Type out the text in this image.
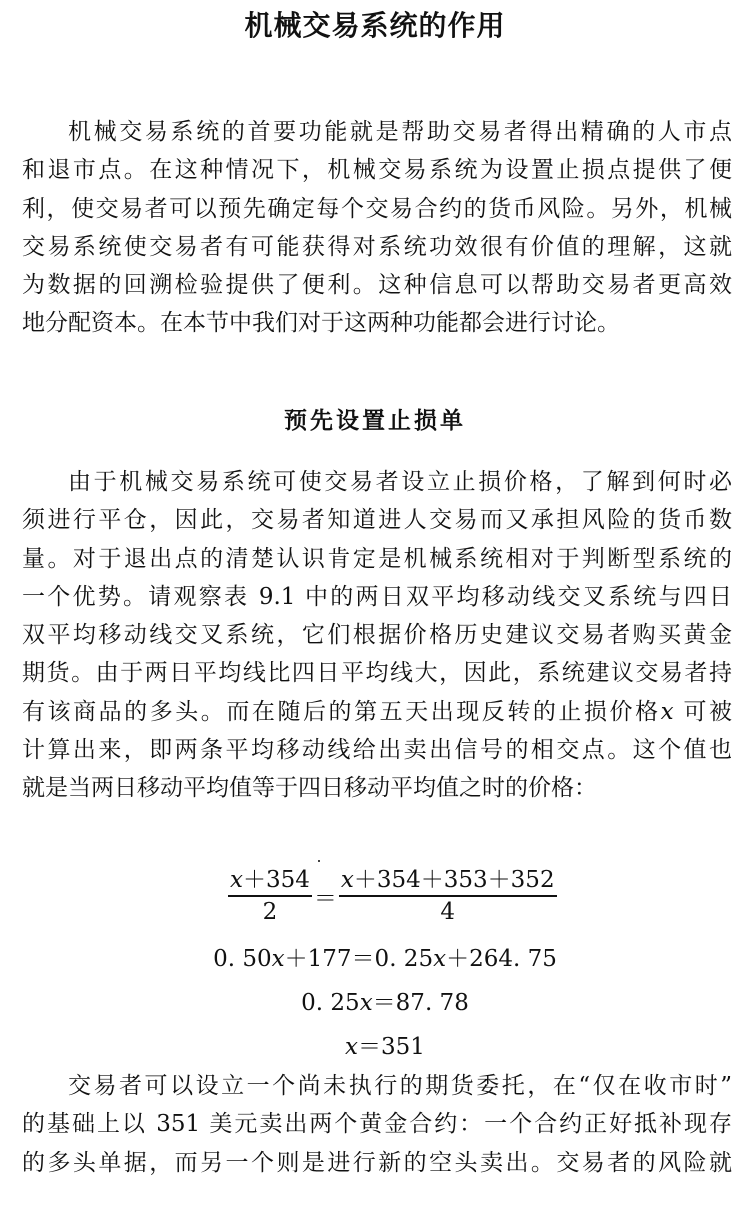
机械交易系统的作用
机械交易系统的首要功能就是帮助交易者得出精确的人市点
和退市点。在这种情况下，机械交易系统为设置止损点提供了便
利，使交易者可以预先确定每个交易合约的货币风险。另外，机械
交易系统使交易者有可能获得对系统功效很有价值的理解，这就
为数据的回溯检验提供了便利。这种信息可以帮助交易者更高效
地分配资本。在本节中我们对于这两种功能都会进行讨论。
预先设置止损单
由于机械交易系统可使交易者设立止损价格，了解到何时必
须进行平仓，因此，交易者知道进人交易而又承担风险的货币数
量。对于退出点的清楚认识肯定是机械系统相对于判断型系统的
一个优势。请观察表 9.1 中的两日双平均移动线交叉系统与四日
双平均移动线交叉系统，它们根据价格历史建议交易者购买黄金
期货。由于两日平均线比四日平均线大，因此，系统建议交易者持
有该商品的多头。而在随后的第五天出现反转的止损价格x 可被
计算出来，即两条平均移动线给出卖出信号的相交点。这个值也
就是当两日移动平均值等于四日移动平均值之时的价格：
$\frac{x+354}{2} = \frac{x+354+353+352}{4}$
0. 50x＋177＝0. 25x＋264. 75
0. 25x＝87. 78
x＝351
交易者可以设立一个尚未执行的期货委托，在“仅在收市时”
的基础上以 351 美元卖出两个黄金合约：一个合约正好抵补现存
的多头单据，而另一个则是进行新的空头卖出。交易者的风险就
